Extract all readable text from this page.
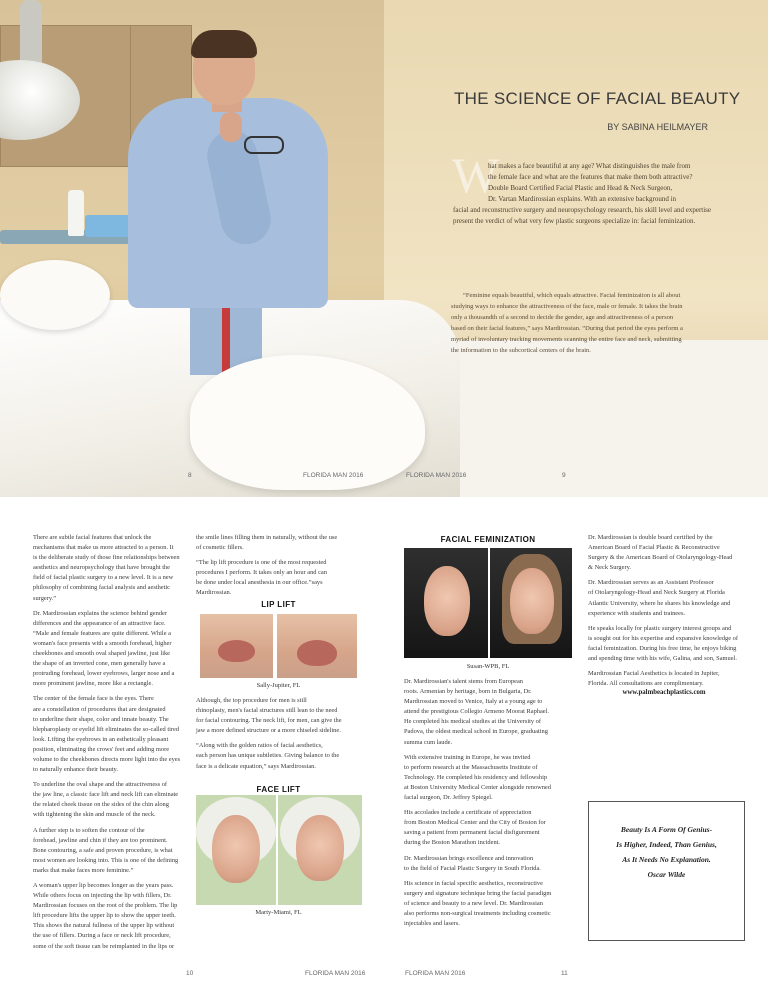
THE SCIENCE OF FACIAL BEAUTY
BY SABINA HEILMAYER
W
hat makes a face beautiful at any age? What distinguishes the male from
the female face and what are the features that make them both attractive?
Double Board Certified Facial Plastic and Head & Neck Surgeon,
Dr. Vartan Mardirossian explains. With an extensive background in
facial and reconstructive surgery and neuropsychology research, his skill level and expertise
present the verdict of what very few plastic surgeons specialize in: facial feminization.
“Feminine equals beautiful, which equals attractive. Facial feminization is all about
studying ways to enhance the attractiveness of the face, male or female. It takes the brain
only a thousandth of a second to decide the gender, age and attractiveness of a person
based on their facial features,” says Mardirossian. “During that period the eyes perform a
myriad of involuntary tracking movements scanning the entire face and neck, submitting
the information to the subcortical centers of the brain.
8	FLORIDA MAN 2016	FLORIDA MAN 2016	9
There are subtle facial features that unlock the
mechanisms that make us more attracted to a person. It
is the deliberate study of those fine relationships between
aesthetics and neuropsychology that have brought the
field of facial plastic surgery to a new level. It is a new
philosophy of combining facial analysis and aesthetic
surgery.”
Dr. Mardirossian explains the science behind gender
differences and the appearance of an attractive face.
“Male and female features are quite different. While a
woman's face presents with a smooth forehead, higher
cheekbones and smooth oval shaped jawline, just like
the shape of an inverted cone, men generally have a
protruding forehead, lower eyebrows, larger nose and a
more prominent jawline, more like a rectangle.
The center of the female face is the eyes. There
are a constellation of procedures that are designated
to underline their shape, color and innate beauty. The
blepharoplasty or eyelid lift eliminates the so-called tired
look. Lifting the eyebrows in an esthetically pleasant
position, eliminating the crows' feet and adding more
volume to the cheekbones directs more light into the eyes
to naturally enhance their beauty.
To underline the oval shape and the attractiveness of
the jaw line, a classic face lift and neck lift can eliminate
the related cheek tissue on the sides of the chin along
with tightening the skin and muscle of the neck.
A further step is to soften the contour of the
forehead, jawline and chin if they are too prominent.
Bone contouring, a safe and proven procedure, is what
most women are looking into. This is one of the defining
marks that make faces more feminine.”
A woman's upper lip becomes longer as the years pass.
While others focus on injecting the lip with fillers, Dr.
Mardirossian focuses on the root of the problem. The lip
lift procedure lifts the upper lip to show the upper teeth.
This shows the natural fullness of the upper lip without
the use of fillers. During a face or neck lift procedure,
some of the soft tissue can be reimplanted in the lips or
the smile lines filling them in naturally, without the use
of cosmetic fillers.
“The lip lift procedure is one of the most requested
procedures I perform. It takes only an hour and can
be done under local anesthesia in our office.”says
Mardirossian.
LIP LIFT
Sally-Jupiter, FL
Although, the top procedure for men is still
rhinoplasty, men's facial structures still lean to the need
for facial contouring. The neck lift, for men, can give the
jaw a more defined structure or a more chiseled sideline.
“Along with the golden ratios of facial aesthetics,
each person has unique subtleties. Giving balance to the
face is a delicate equation,” says Mardirossian.
FACE LIFT
Marty-Miami, FL
FACIAL FEMINIZATION
Susan-WPB, FL
Dr. Mardirossian's talent stems from European
roots. Armenian by heritage, born in Bulgaria, Dr.
Mardirossian moved to Venice, Italy at a young age to
attend the prestigious Collegio Armeno Moorat Raphael.
He completed his medical studies at the University of
Padova, the oldest medical school in Europe, graduating
summa cum laude.
With extensive training in Europe, he was invited
to perform research at the Massachusetts Institute of
Technology. He completed his residency and fellowship
at Boston University Medical Center alongside renowned
facial surgeon, Dr. Jeffrey Spiegel.
His accolades include a certificate of appreciation
from Boston Medical Center and the City of Boston for
saving a patient from permanent facial disfigurement
during the Boston Marathon incident.
Dr. Mardirossian brings excellence and innovation
to the field of Facial Plastic Surgery in South Florida.
His science in facial specific aesthetics, reconstructive
surgery and signature technique bring the facial paradigm
of science and beauty to a new level. Dr. Mardirossian
also performs non-surgical treatments including cosmetic
injectables and lasers.
Dr. Mardirossian is double board certified by the
American Board of Facial Plastic & Reconstructive
Surgery & the American Board of Otolaryngology-Head
& Neck Surgery.
Dr. Mardirossian serves as an Assistant Professor
of Otolaryngology-Head and Neck Surgery at Florida
Atlantic University, where he shares his knowledge and
experience with students and trainees.
He speaks locally for plastic surgery interest groups and
is sought out for his expertise and expansive knowledge of
facial feminization. During his free time, he enjoys biking
and spending time with his wife, Galina, and son, Samuel.
Mardirossian Facial Aesthetics is located in Jupiter,
Florida. All consultations are complimentary.
www.palmbeachplastics.com
Beauty Is A Form Of Genius-
Is Higher, Indeed, Than Genius,
As It Needs No Explanation.
Oscar Wilde
10	FLORIDA MAN 2016	FLORIDA MAN 2016	11
